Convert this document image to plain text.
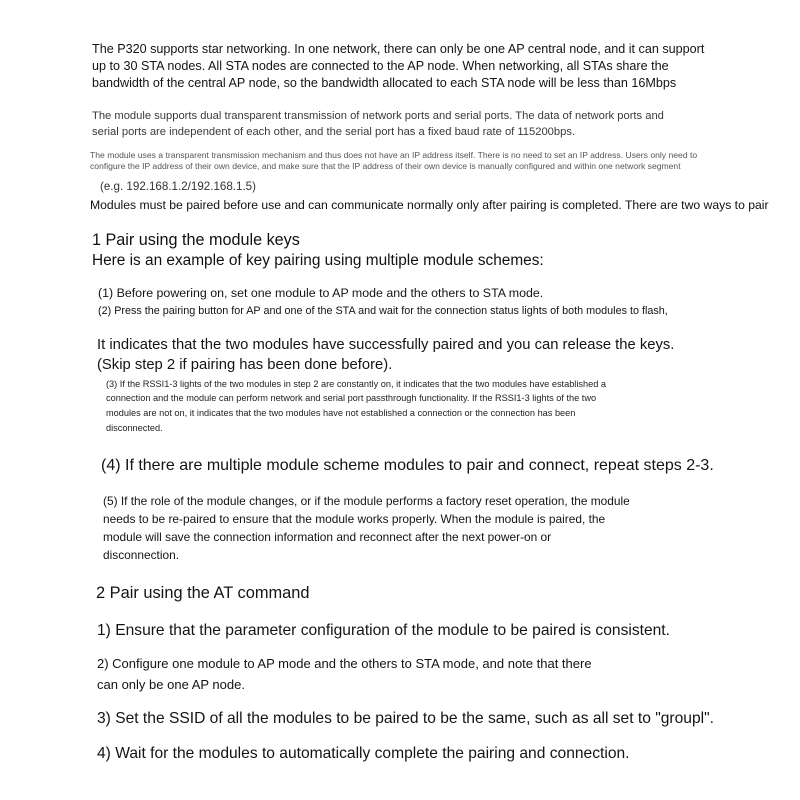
The P320 supports star networking. In one network, there can only be one AP central node, and it can support

up to 30 STA nodes. All STA nodes are connected to the AP node. When networking, all STAs share the

bandwidth of the central AP node, so the bandwidth allocated to each STA node will be less than 16Mbps

The module supports dual transparent transmission of network ports and serial ports. The data of network ports and

serial ports are independent of each other, and the serial port has a fixed baud rate of 115200bps.

The module uses a transparent transmission mechanism and thus does not have an IP address itself. There is no need to set an IP address. Users only need to

configure the IP address of their own device, and make sure that the IP address of their own device is manually configured and within one network segment

(e.g. 192.168.1.2/192.168.1.5)

Modules must be paired before use and can communicate normally only after pairing is completed. There are two ways to pair

1 Pair using the module keys

Here is an example of key pairing using multiple module schemes:

(1) Before powering on, set one module to AP mode and the others to STA mode.

(2) Press the pairing button for AP and one of the STA and wait for the connection status lights of both modules to flash,

It indicates that the two modules have successfully paired and you can release the keys.

(Skip step 2 if pairing has been done before).

(3) If the RSSI1-3 lights of the two modules in step 2 are constantly on, it indicates that the two modules have established a

connection and the module can perform network and serial port passthrough functionality. If the RSSI1-3 lights of the two

modules are not on, it indicates that the two modules have not established a connection or the connection has been

disconnected.

(4) If there are multiple module scheme modules to pair and connect, repeat steps 2-3.

(5) If the role of the module changes, or if the module performs a factory reset operation, the module

needs to be re-paired to ensure that the module works properly. When the module is paired, the

module will save the connection information and reconnect after the next power-on or

disconnection.

2 Pair using the AT command

1) Ensure that the parameter configuration of the module to be paired is consistent.

2) Configure one module to AP mode and the others to STA mode, and note that there

can only be one AP node.

3) Set the SSID of all the modules to be paired to be the same, such as all set to "groupl".

4) Wait for the modules to automatically complete the pairing and connection.
